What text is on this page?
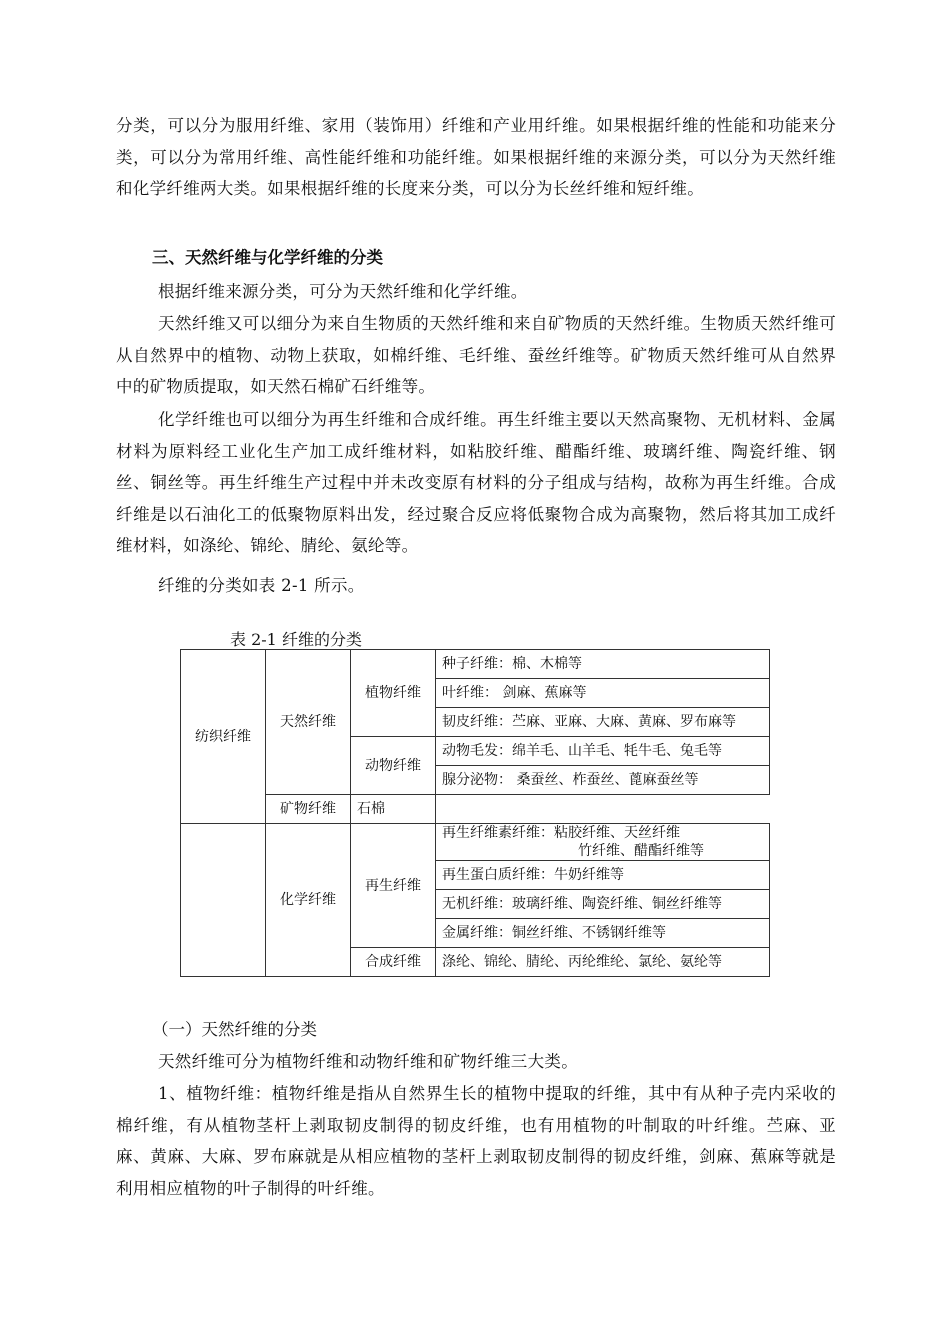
分类，可以分为服用纤维、家用（装饰用）纤维和产业用纤维。如果根据纤维的性能和功能来分类，可以分为常用纤维、高性能纤维和功能纤维。如果根据纤维的来源分类，可以分为天然纤维和化学纤维两大类。如果根据纤维的长度来分类，可以分为长丝纤维和短纤维。

三、天然纤维与化学纤维的分类

根据纤维来源分类，可分为天然纤维和化学纤维。

天然纤维又可以细分为来自生物质的天然纤维和来自矿物质的天然纤维。生物质天然纤维可从自然界中的植物、动物上获取，如棉纤维、毛纤维、蚕丝纤维等。矿物质天然纤维可从自然界中的矿物质提取，如天然石棉矿石纤维等。

化学纤维也可以细分为再生纤维和合成纤维。再生纤维主要以天然高聚物、无机材料、金属材料为原料经工业化生产加工成纤维材料，如粘胶纤维、醋酯纤维、玻璃纤维、陶瓷纤维、钢丝、铜丝等。再生纤维生产过程中并未改变原有材料的分子组成与结构，故称为再生纤维。合成纤维是以石油化工的低聚物原料出发，经过聚合反应将低聚物合成为高聚物，然后将其加工成纤维材料，如涤纶、锦纶、腈纶、氨纶等。

纤维的分类如表 2-1 所示。

表 2-1 纤维的分类

纺织纤维	天然纤维	植物纤维	种子纤维：棉、木棉等
			叶纤维： 剑麻、蕉麻等
			韧皮纤维：苎麻、亚麻、大麻、黄麻、罗布麻等
		动物纤维	动物毛发：绵羊毛、山羊毛、牦牛毛、兔毛等
			腺分泌物： 桑蚕丝、柞蚕丝、蓖麻蚕丝等
	矿物纤维	石棉	
	化学纤维	再生纤维	再生纤维素纤维：粘胶纤维、天丝纤维
竹纤维、醋酯纤维等

			再生蛋白质纤维：牛奶纤维等
			无机纤维：玻璃纤维、陶瓷纤维、铜丝纤维等
			金属纤维：铜丝纤维、不锈钢纤维等
		合成纤维	涤纶、锦纶、腈纶、丙纶维纶、氯纶、氨纶等

（一）天然纤维的分类

天然纤维可分为植物纤维和动物纤维和矿物纤维三大类。

1、植物纤维：植物纤维是指从自然界生长的植物中提取的纤维，其中有从种子壳内采收的棉纤维，有从植物茎杆上剥取韧皮制得的韧皮纤维，也有用植物的叶制取的叶纤维。苎麻、亚麻、黄麻、大麻、罗布麻就是从相应植物的茎杆上剥取韧皮制得的韧皮纤维，剑麻、蕉麻等就是利用相应植物的叶子制得的叶纤维。
